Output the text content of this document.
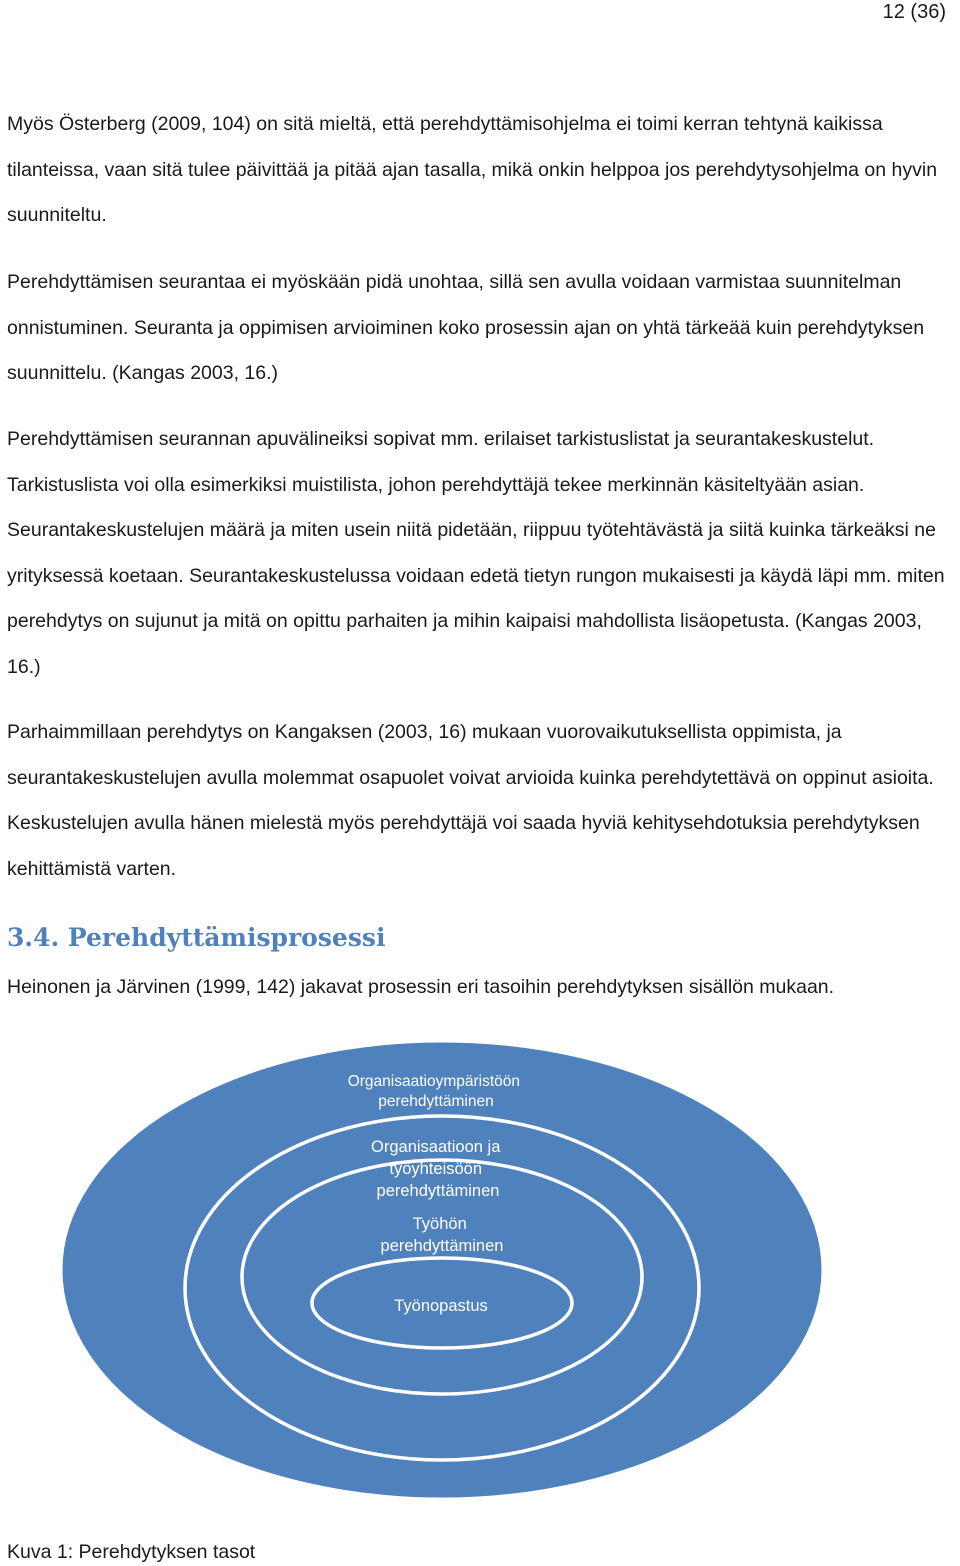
12 (36)

Myös Österberg (2009, 104) on sitä mieltä, että perehdyttämisohjelma ei toimi kerran tehtynä kaikissa tilanteissa, vaan sitä tulee päivittää ja pitää ajan tasalla, mikä onkin helppoa jos perehdytysohjelma on hyvin suunniteltu.

Perehdyttämisen seurantaa ei myöskään pidä unohtaa, sillä sen avulla voidaan varmistaa suunnitelman onnistuminen. Seuranta ja oppimisen arvioiminen koko prosessin ajan on yhtä tärkeää kuin perehdytyksen suunnittelu. (Kangas 2003, 16.)

Perehdyttämisen seurannan apuvälineiksi sopivat mm. erilaiset tarkistuslistat ja seurantakeskustelut. Tarkistuslista voi olla esimerkiksi muistilista, johon perehdyttäjä tekee merkinnän käsiteltyään asian. Seurantakeskustelujen määrä ja miten usein niitä pidetään, riippuu työtehtävästä ja siitä kuinka tärkeäksi ne yrityksessä koetaan. Seurantakeskustelussa voidaan edetä tietyn rungon mukaisesti ja käydä läpi mm. miten perehdytys on sujunut ja mitä on opittu parhaiten ja mihin kaipaisi mahdollista lisäopetusta. (Kangas 2003, 16.)

Parhaimmillaan perehdytys on Kangaksen (2003, 16) mukaan vuorovaikutuksellista oppimista, ja seurantakeskustelujen avulla molemmat osapuolet voivat arvioida kuinka perehdytettävä on oppinut asioita. Keskustelujen avulla hänen mielestä myös perehdyttäjä voi saada hyviä kehitysehdotuksia perehdytyksen kehittämistä varten.

3.4. Perehdyttämisprosessi

Heinonen ja Järvinen (1999, 142) jakavat prosessin eri tasoihin perehdytyksen sisällön mukaan.

Organisaatioympäristöön perehdyttäminen
Organisaatioon ja työyhteisöön perehdyttäminen
Työhön perehdyttäminen
Työnopastus

Kuva 1: Perehdytyksen tasot
